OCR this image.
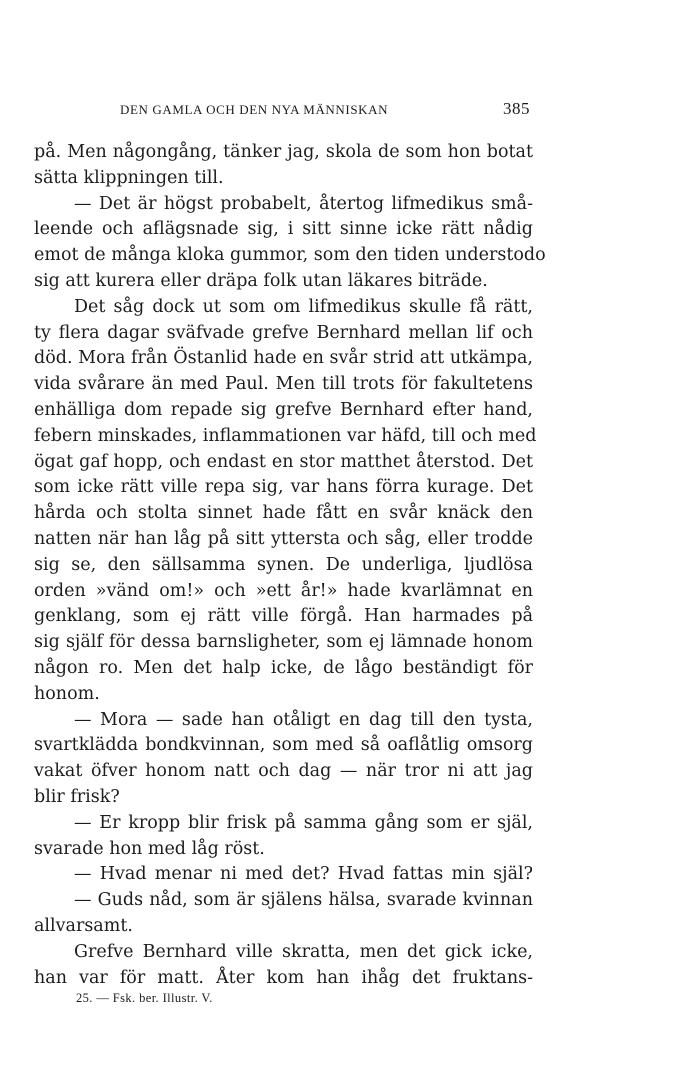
DEN GAMLA OCH DEN NYA MÄNNISKAN	385
på. Men någongång, tänker jag, skola de som hon botat
sätta klippningen till.
— Det är högst probabelt, återtog lifmedikus små-
leende och aflägsnade sig, i sitt sinne icke rätt nådig
emot de många kloka gummor, som den tiden understodo
sig att kurera eller dräpa folk utan läkares biträde.
Det såg dock ut som om lifmedikus skulle få rätt,
ty flera dagar sväfvade grefve Bernhard mellan lif och
död. Mora från Östanlid hade en svår strid att utkämpa,
vida svårare än med Paul. Men till trots för fakultetens
enhälliga dom repade sig grefve Bernhard efter hand,
febern minskades, inflammationen var häfd, till och med
ögat gaf hopp, och endast en stor matthet återstod. Det
som icke rätt ville repa sig, var hans förra kurage. Det
hårda och stolta sinnet hade fått en svår knäck den
natten när han låg på sitt yttersta och såg, eller trodde
sig se, den sällsamma synen. De underliga, ljudlösa
orden »vänd om!» och »ett år!» hade kvarlämnat en
genklang, som ej rätt ville förgå. Han harmades på
sig själf för dessa barnsligheter, som ej lämnade honom
någon ro. Men det halp icke, de lågo beständigt för
honom.
— Mora — sade han otåligt en dag till den tysta,
svartklädda bondkvinnan, som med så oaflåtlig omsorg
vakat öfver honom natt och dag — när tror ni att jag
blir frisk?
— Er kropp blir frisk på samma gång som er själ,
svarade hon med låg röst.
— Hvad menar ni med det? Hvad fattas min själ?
— Guds nåd, som är själens hälsa, svarade kvinnan
allvarsamt.
Grefve Bernhard ville skratta, men det gick icke,
han var för matt. Åter kom han ihåg det fruktans-
25. — Fsk. ber. Illustr. V.
